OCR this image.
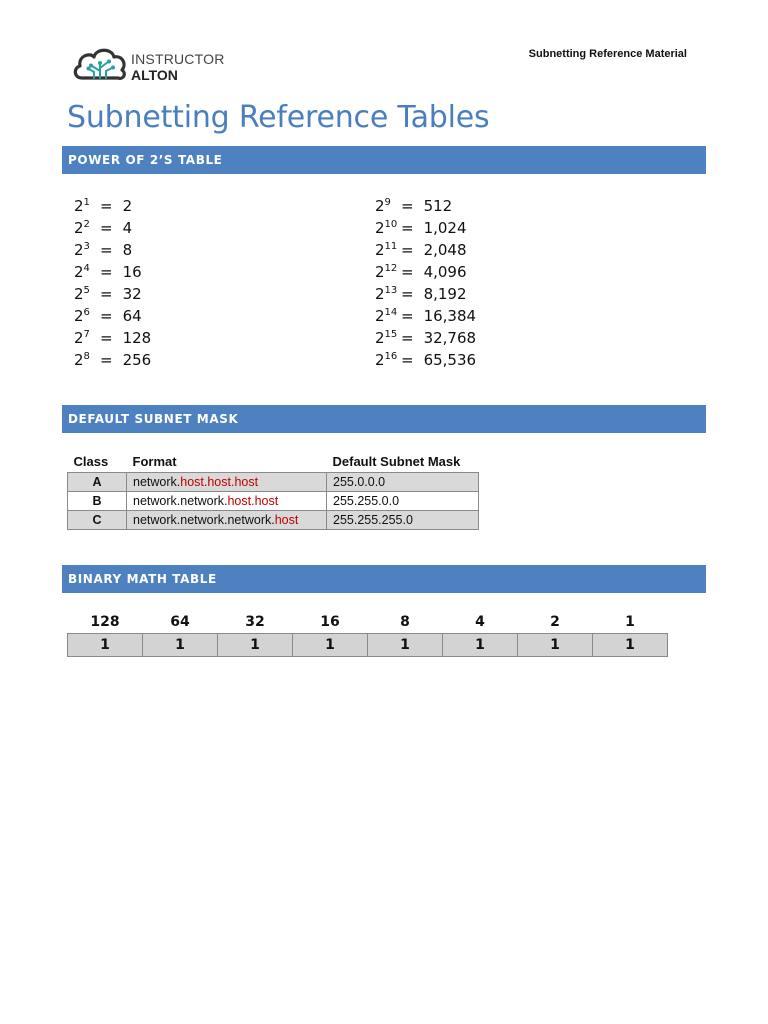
INSTRUCTOR
ALTON
Subnetting Reference Material
Subnetting Reference Tables
POWER OF 2’S TABLE
$2^1 = 2$
$2^2 = 4$
$2^3 = 8$
$2^4 = 16$
$2^5 = 32$
$2^6 = 64$
$2^7 = 128$
$2^8 = 256$
$2^9 = 512$
$2^{10} = 1,024$
$2^{11} = 2,048$
$2^{12} = 4,096$
$2^{13} = 8,192$
$2^{14} = 16,384$
$2^{15} = 32,768$
$2^{16} = 65,536$
DEFAULT SUBNET MASK
Class	Format	Default Subnet Mask
A	network.host.host.host	255.0.0.0
B	network.network.host.host	255.255.0.0
C	network.network.network.host	255.255.255.0
BINARY MATH TABLE
128	64	32	16	8	4	2	1
1	1	1	1	1	1	1	1
